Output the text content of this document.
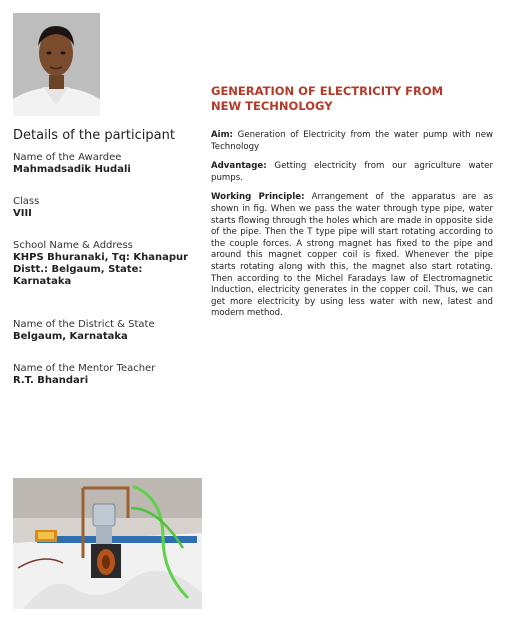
Details of the participant

Name of the Awardee

Mahmadsadik Hudali

Class

VIII

School Name & Address

KHPS Bhuranaki, Tq: Khanapur

Distt.: Belgaum, State: Karnataka

Name of the District & State

Belgaum, Karnataka

Name of the Mentor Teacher

R.T. Bhandari

GENERATION OF ELECTRICITY FROM
NEW TECHNOLOGY

Aim: Generation of Electricity from the water pump with new Technology

Advantage: Getting electricity from our agriculture water pumps.

Working Principle: Arrangement of the apparatus are as shown in fig. When we pass the water through type pipe, water starts flowing through the holes which are made in opposite side of the pipe. Then the T type pipe will start rotating according to the couple forces. A strong magnet has fixed to the pipe and around this magnet copper coil is fixed. Whenever the pipe starts rotating along with this, the magnet also start rotating. Then according to the Michel Faradays law of Electromagnetic Induction, electricity generates in the copper coil. Thus, we can get more electricity by using less water with new, latest and modern method.
